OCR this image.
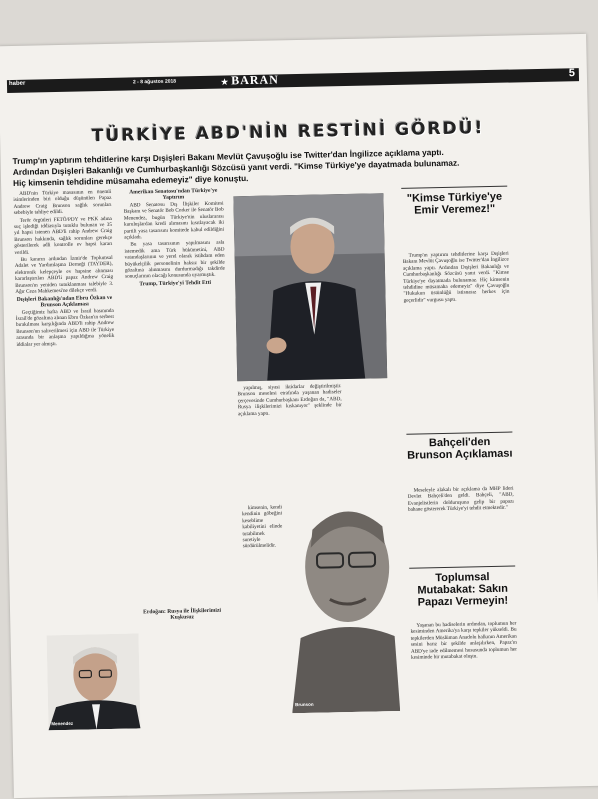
haber	2 - 8 ağustos 2018	★ BARAN	5
TÜRKİYE ABD'NİN RESTİNİ GÖRDÜ!
Trump'ın yaptırım tehditlerine karşı Dışişleri Bakanı Mevlüt Çavuşoğlu ise Twitter'dan İngilizce açıklama yaptı. Ardından Dışişleri Bakanlığı ve Cumhurbaşkanlığı Sözcüsü yanıt verdi. "Kimse Türkiye'ye dayatmada bulunamaz. Hiç kimsenin tehdidine müsamaha edemeyiz" diye konuştu.

ABD'nin Türkiye masasının en önemli isimlerinden biri olduğu düşünülen Papaz Andrew Craig Brunson sağlık sorunları sebebiyle tahliye edildi.

Terör örgütleri FETÖ/PDY ve PKK adına suç işlediği iddiasıyla tutuklu bulunan ve 35 yıl hapsi istenen ABD'li rahip Andrew Craig Brunson hakkında, sağlık sorunları gerekçe gösterilerek adli kontrolle ev hapsi kararı verildi.

Bu kararın ardından İzmir'de Toplumsal Adalet ve Yardımlaşma Derneği (TAYDER), elektronik kelepçeyle ev hapsine alınması kararlaştırılan ABD'li papaz Andrew Craig Brunson'ın yeniden tutuklanması talebiyle 3. Ağır Ceza Mahkemesi'ne dilekçe verdi.

Dışişleri Bakanlığı'ndan Ebru Özkan ve Brunson Açıklaması

Geçtiğimiz hafta ABD ve İsrail basınında İsrail'de gözaltına alınan Ebru Özkan'ın serbest bırakılması karşılığında ABD'li rahip Andrew Brunson'un salıverilmesi için ABD ile Türkiye arasında bir anlaşma yapıldığına yönelik iddialar yer almıştı.

Amerikan Senatosu'ndan Türkiye'ye Yaptırım

ABD Senatosu Dış İlişkiler Komitesi Başkanı ve Senatör Bob Corker ile Senatör Bob Menendez, bugün Türkiye'nin uluslararası kuruluşlardan kredi alımasını kısıtlayacak iki partili yasa tasarısını komitede kabul edildiğini açıkladı.

Bu yasa tasarısının yapılmasını asla istemedik ama Türk hükümetini, ABD vatandaşlarının ve yerel olarak istihdam eden büyükelçilik personelinin haksız bir şekilde gözaltına alınmasını durdurmadığı takdirde sonuçlarının olacağı konusunda uyarmıştık.

Trump, Türkiye'yi Tehdit Etti
Erdoğan: Rusya ile İlişkilerimizi Kuşkusuz

yapılmış, siyasi iktidarlar değiştirilmiştir. Brunson meselesi etrafında yaşanan hadiseler çerçevesinde Cumhurbaşkanı Erdoğan da, "ABD, Rusya ilişkilerimizi kıskanıyor" şeklinde bir açıklama yaptı.

kimsenin, kendi kendinin göbeğini keseblime kabiliyetini elinde tutabilmek suretiyle sürdürülmelidir.

Brunson
Menendez
"Kimse Türkiye'ye Emir Veremez!"

Trump'ın yaptırım tehditlerine karşı Dışişleri Bakanı Mevlüt Çavuşoğlu ise Twitter'dan İngilizce açıklama yaptı. Ardından Dışişleri Bakanlığı ve Cumhurbaşkanlığı Sözcüsü yanıt verdi. "Kimse Türkiye'ye dayatmada bulunamaz. Hiç kimsenin tehdidine müsamaha edemeyiz" diye Çavuşoğlu "Hukukun üstünlüğü istisnasız herkes için geçerlidir" vurgusu yaptı.

Bahçeli'den Brunson Açıklaması

Meseleyle alakalı bir açıklama da MHP lideri Devlet Bahçeli'den geldi. Bahçeli, "ABD, Evanjelistlerin dolduruşuna gelip bir papazı bahane göstererek Türkiye'yi tehdit etmektedir."

Toplumsal Mutabakat: Sakın Papazı Vermeyin!

Yaşanan bu hadiselerin ardından, toplumun her kesiminden Amerika'ya karşı tepkiler yükseldi. Bu tepkilerden Müslüman Anadolu halkının Amerikan sesini barız bir şekilde anlaşılırken, Papaz'ın ABD'ye iade edilmemesi hususunda toplumun her kesiminde bir mutabakat oluştu.
